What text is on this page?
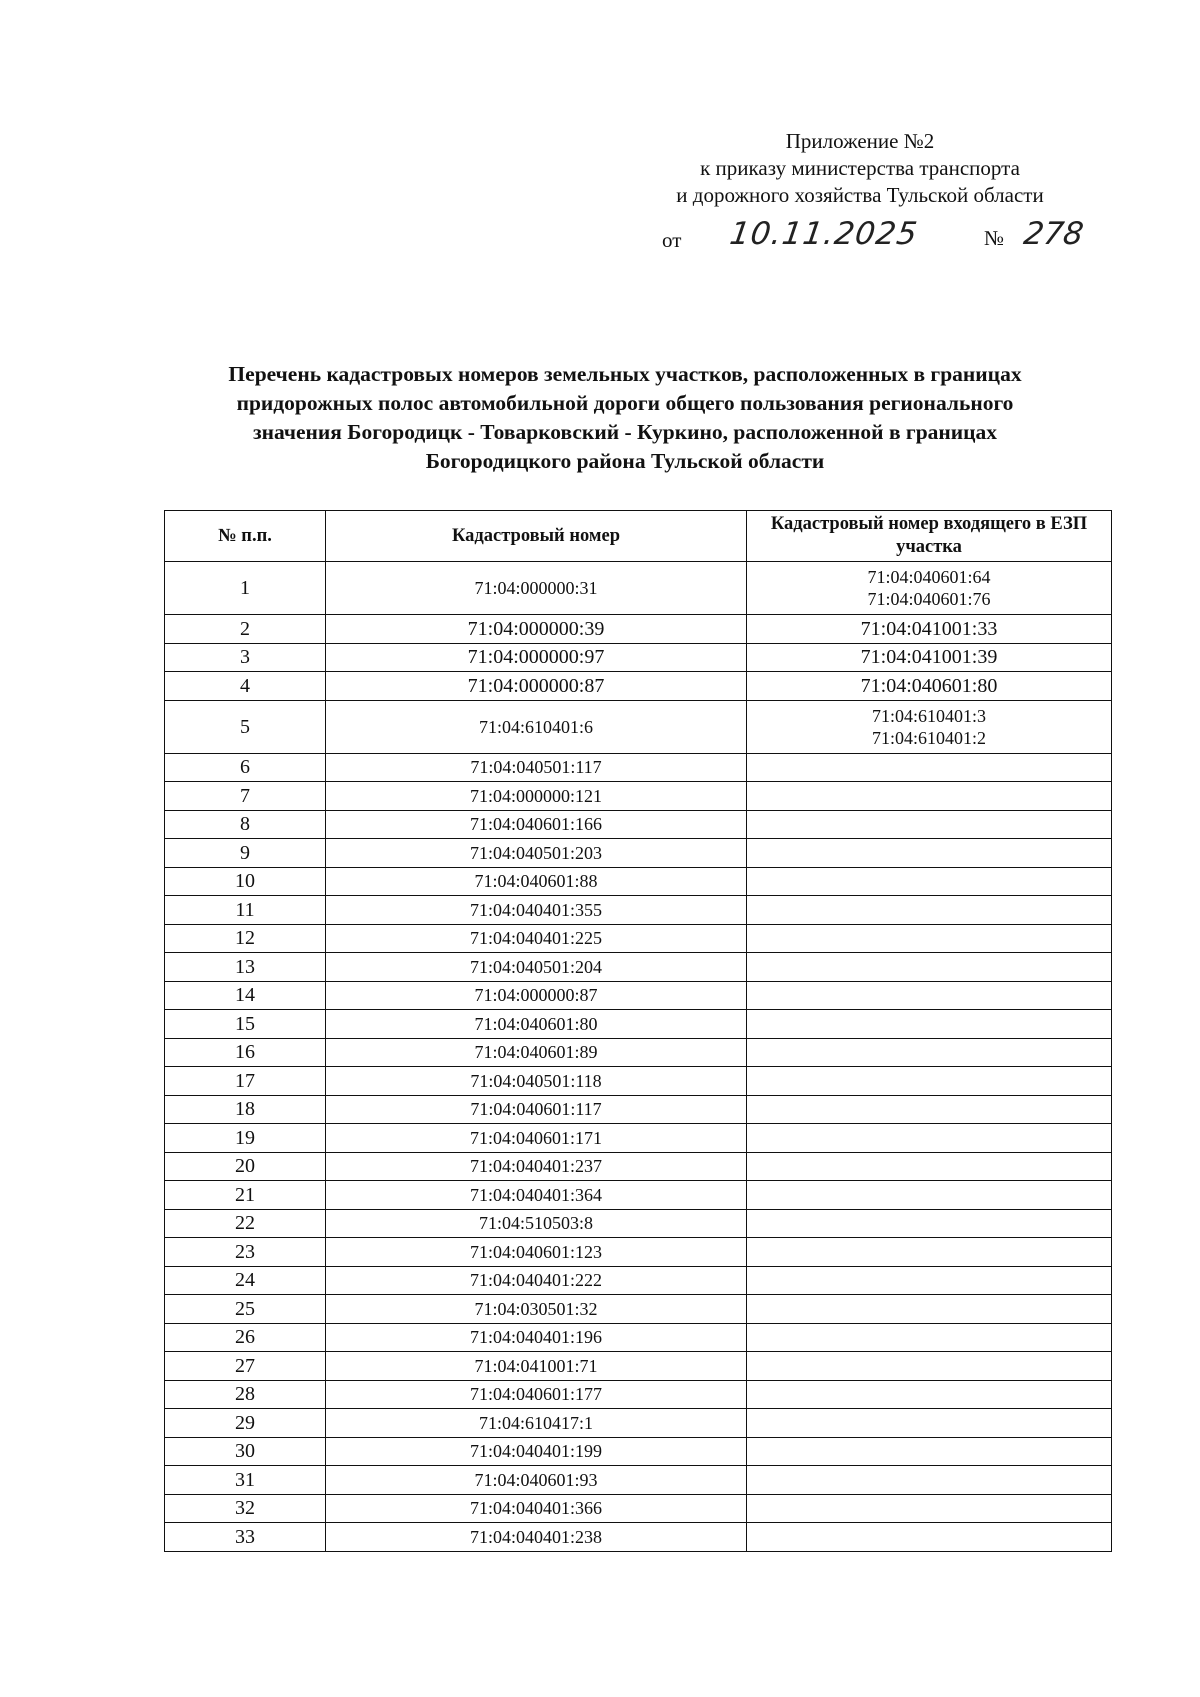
Приложение №2
к приказу министерства транспорта
и дорожного хозяйства Тульской области
от 10.11.2025	№ 278
Перечень кадастровых номеров земельных участков, расположенных в границах
придорожных полос автомобильной дороги общего пользования регионального
значения Богородицк - Товарковский - Куркино, расположенной в границах
Богородицкого района Тульской области
№ п.п.	Кадастровый номер	Кадастровый номер входящего в ЕЗП участка
1	71:04:000000:31	71:04:040601:64
71:04:040601:76

2	71:04:000000:39	71:04:041001:33
3	71:04:000000:97	71:04:041001:39
4	71:04:000000:87	71:04:040601:80
5	71:04:610401:6	71:04:610401:3
71:04:610401:2

6	71:04:040501:117	
7	71:04:000000:121	
8	71:04:040601:166	
9	71:04:040501:203	
10	71:04:040601:88	
11	71:04:040401:355	
12	71:04:040401:225	
13	71:04:040501:204	
14	71:04:000000:87	
15	71:04:040601:80	
16	71:04:040601:89	
17	71:04:040501:118	
18	71:04:040601:117	
19	71:04:040601:171	
20	71:04:040401:237	
21	71:04:040401:364	
22	71:04:510503:8	
23	71:04:040601:123	
24	71:04:040401:222	
25	71:04:030501:32	
26	71:04:040401:196	
27	71:04:041001:71	
28	71:04:040601:177	
29	71:04:610417:1	
30	71:04:040401:199	
31	71:04:040601:93	
32	71:04:040401:366	
33	71:04:040401:238	
